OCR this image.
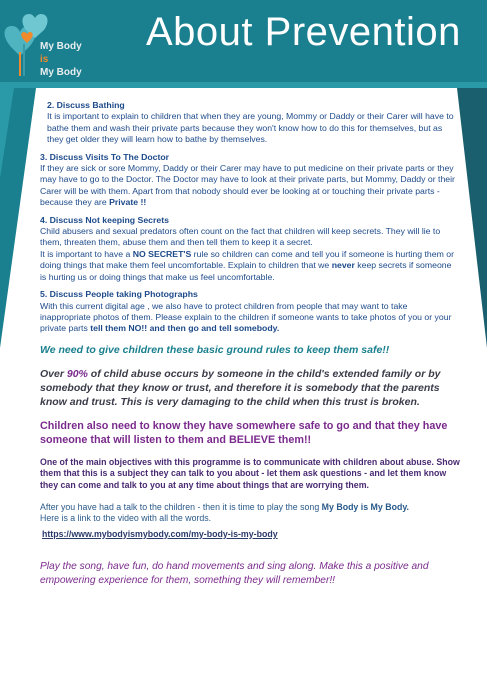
My Body
is
My Body
About Prevention
2. Discuss Bathing
It is important to explain to children that when they are young, Mommy or Daddy or their Carer will have to bathe them and wash their private parts because they won't know how to do this for themselves, but as they get older they will learn how to bathe by themselves.
3. Discuss Visits To The Doctor
If they are sick or sore Mommy, Daddy or their Carer may have to put medicine on their private parts or they may have to go to the Doctor. The Doctor may have to look at their private parts, but Mommy, Daddy or their Carer will be with them. Apart from that nobody should ever be looking at or touching their private parts - because they are Private !!
4. Discuss Not keeping Secrets
Child abusers and sexual predators often count on the fact that children will keep secrets. They will lie to them, threaten them, abuse them and then tell them to keep it a secret.
It is important to have a NO SECRET'S rule so children can come and tell you if someone is hurting them or doing things that make them feel uncomfortable. Explain to children that we never keep secrets if someone is hurting us or doing things that make us feel uncomfortable.
5. Discuss People taking Photographs
With this current digital age , we also have to protect children from people that may want to take inappropriate photos of them. Please explain to the children if someone wants to take photos of you or your private parts tell them NO!! and then go and tell somebody.
We need to give children these basic ground rules to keep them safe!!
Over 90% of child abuse occurs by someone in the child's extended family or by somebody that they know or trust, and therefore it is somebody that the parents know and trust. This is very damaging to the child when this trust is broken.
Children also need to know they have somewhere safe to go and that they have someone that will listen to them and BELIEVE them!!
One of the main objectives with this programme is to communicate with children about abuse. Show them that this is a subject they can talk to you about - let them ask questions - and let them know they can come and talk to you at any time about things that are worrying them.
After you have had a talk to the children - then it is time to play the song My Body is My Body.
Here is a link to the video with all the words.
https://www.mybodyismybody.com/my-body-is-my-body
Play the song, have fun, do hand movements and sing along. Make this a positive and empowering experience for them, something they will remember!!
